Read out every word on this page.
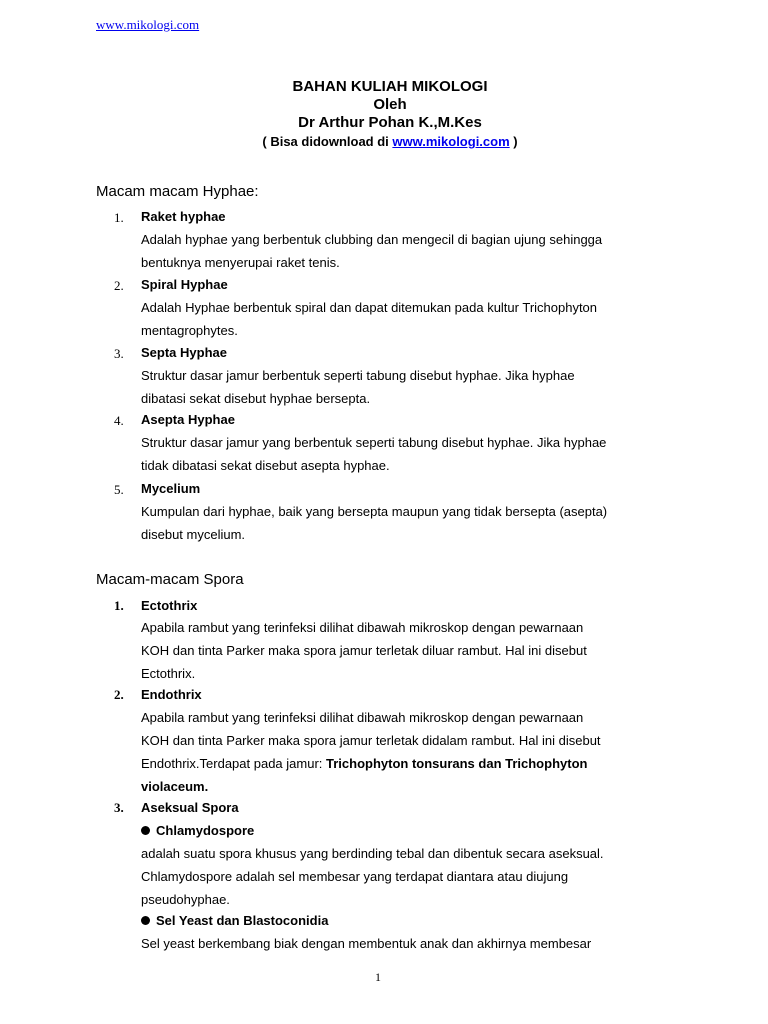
www.mikologi.com
BAHAN KULIAH MIKOLOGI
Oleh
Dr Arthur Pohan K.,M.Kes
( Bisa didownload di www.mikologi.com )
Macam macam Hyphae:
1. Raket hyphae
Adalah hyphae yang berbentuk clubbing dan mengecil di bagian ujung sehingga
bentuknya menyerupai raket tenis.
2. Spiral Hyphae
Adalah Hyphae berbentuk spiral dan dapat ditemukan pada kultur Trichophyton
mentagrophytes.
3. Septa Hyphae
Struktur dasar jamur berbentuk seperti tabung disebut hyphae. Jika hyphae
dibatasi sekat disebut hyphae bersepta.
4. Asepta Hyphae
Struktur dasar jamur yang berbentuk seperti tabung disebut hyphae. Jika hyphae
tidak dibatasi sekat disebut asepta hyphae.
5. Mycelium
Kumpulan dari hyphae, baik yang bersepta maupun yang tidak bersepta (asepta)
disebut mycelium.
Macam-macam Spora
1. Ectothrix
Apabila rambut yang terinfeksi dilihat dibawah mikroskop dengan pewarnaan
KOH dan tinta Parker maka spora jamur terletak diluar rambut. Hal ini disebut
Ectothrix.
2. Endothrix
Apabila rambut yang terinfeksi dilihat dibawah mikroskop dengan pewarnaan
KOH dan tinta Parker maka spora jamur terletak didalam rambut. Hal ini disebut
Endothrix.Terdapat pada jamur: Trichophyton tonsurans dan Trichophyton
violaceum.
3. Aseksual Spora
Chlamydospore
adalah suatu spora khusus yang berdinding tebal dan dibentuk secara aseksual.
Chlamydospore adalah sel membesar yang terdapat diantara atau diujung
pseudohyphae.
Sel Yeast dan Blastoconidia
Sel yeast berkembang biak dengan membentuk anak dan akhirnya membesar
1
